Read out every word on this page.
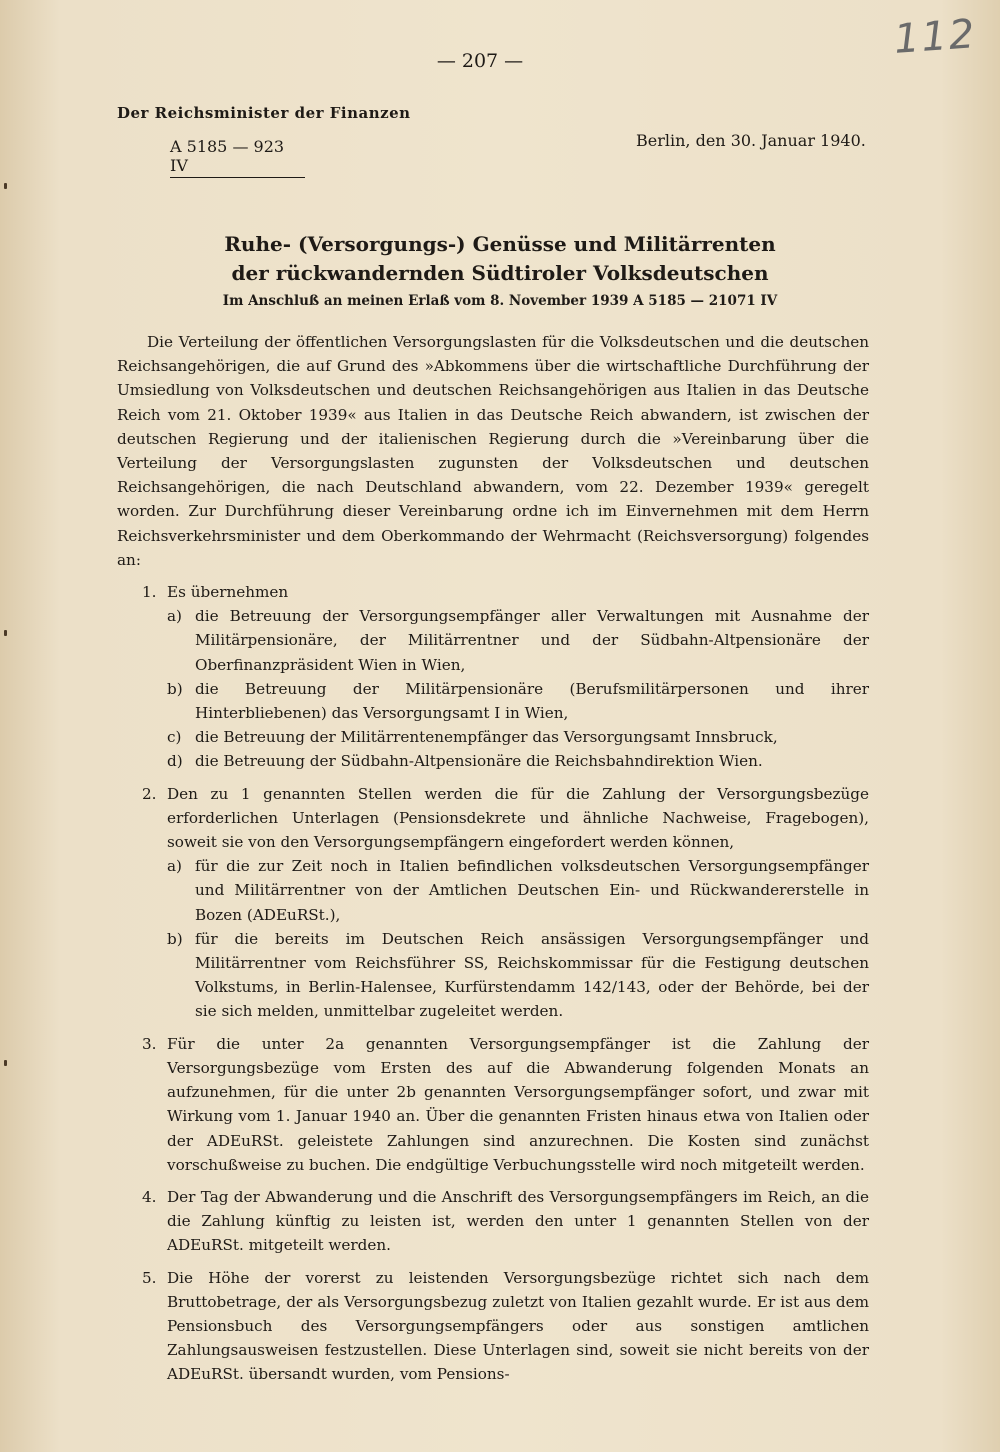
112
— 207 —
Der Reichsminister der Finanzen
A 5185 — 923 IV
Berlin, den 30. Januar 1940.
Ruhe- (Versorgungs-) Genüsse und Militärrenten
der rückwandernden Südtiroler Volksdeutschen
Im Anschluß an meinen Erlaß vom 8. November 1939 A 5185 — 21071 IV

Die Verteilung der öffentlichen Versorgungslasten für die Volksdeutschen und die deutschen Reichsangehörigen, die auf Grund des »Abkommens über die wirtschaftliche Durchführung der Umsiedlung von Volksdeutschen und deutschen Reichsangehörigen aus Italien in das Deutsche Reich vom 21. Oktober 1939« aus Italien in das Deutsche Reich abwandern, ist zwischen der deutschen Regierung und der italienischen Regierung durch die »Vereinbarung über die Verteilung der Versorgungslasten zugunsten der Volksdeutschen und deutschen Reichsangehörigen, die nach Deutschland abwandern, vom 22. Dezember 1939« geregelt worden. Zur Durchführung dieser Vereinbarung ordne ich im Einvernehmen mit dem Herrn Reichsverkehrsminister und dem Oberkommando der Wehrmacht (Reichsversorgung) folgendes an:

1. Es übernehmen
a) die Betreuung der Versorgungsempfänger aller Verwaltungen mit Ausnahme der Militärpensionäre, der Militärrentner und der Südbahn-Altpensionäre der Oberfinanzpräsident Wien in Wien,
b) die Betreuung der Militärpensionäre (Berufsmilitärpersonen und ihrer Hinterbliebenen) das Versorgungsamt I in Wien,
c) die Betreuung der Militärrentenempfänger das Versorgungsamt Innsbruck,
d) die Betreuung der Südbahn-Altpensionäre die Reichsbahndirektion Wien.
2. Den zu 1 genannten Stellen werden die für die Zahlung der Versorgungsbezüge erforderlichen Unterlagen (Pensionsdekrete und ähnliche Nachweise, Fragebogen), soweit sie von den Versorgungsempfängern eingefordert werden können,
a) für die zur Zeit noch in Italien befindlichen volksdeutschen Versorgungsempfänger und Militärrentner von der Amtlichen Deutschen Ein- und Rückwandererstelle in Bozen (ADEuRSt.),
b) für die bereits im Deutschen Reich ansässigen Versorgungsempfänger und Militärrentner vom Reichsführer SS, Reichskommissar für die Festigung deutschen Volkstums, in Berlin-Halensee, Kurfürstendamm 142/143, oder der Behörde, bei der sie sich melden, unmittelbar zugeleitet werden.
3. Für die unter 2a genannten Versorgungsempfänger ist die Zahlung der Versorgungsbezüge vom Ersten des auf die Abwanderung folgenden Monats an aufzunehmen, für die unter 2b genannten Versorgungsempfänger sofort, und zwar mit Wirkung vom 1. Januar 1940 an. Über die genannten Fristen hinaus etwa von Italien oder der ADEuRSt. geleistete Zahlungen sind anzurechnen. Die Kosten sind zunächst vorschußweise zu buchen. Die endgültige Verbuchungsstelle wird noch mitgeteilt werden.
4. Der Tag der Abwanderung und die Anschrift des Versorgungsempfängers im Reich, an die die Zahlung künftig zu leisten ist, werden den unter 1 genannten Stellen von der ADEuRSt. mitgeteilt werden.
5. Die Höhe der vorerst zu leistenden Versorgungsbezüge richtet sich nach dem Bruttobetrage, der als Versorgungsbezug zuletzt von Italien gezahlt wurde. Er ist aus dem Pensionsbuch des Versorgungsempfängers oder aus sonstigen amtlichen Zahlungsausweisen festzustellen. Diese Unterlagen sind, soweit sie nicht bereits von der ADEuRSt. übersandt wurden, vom Pensions-
